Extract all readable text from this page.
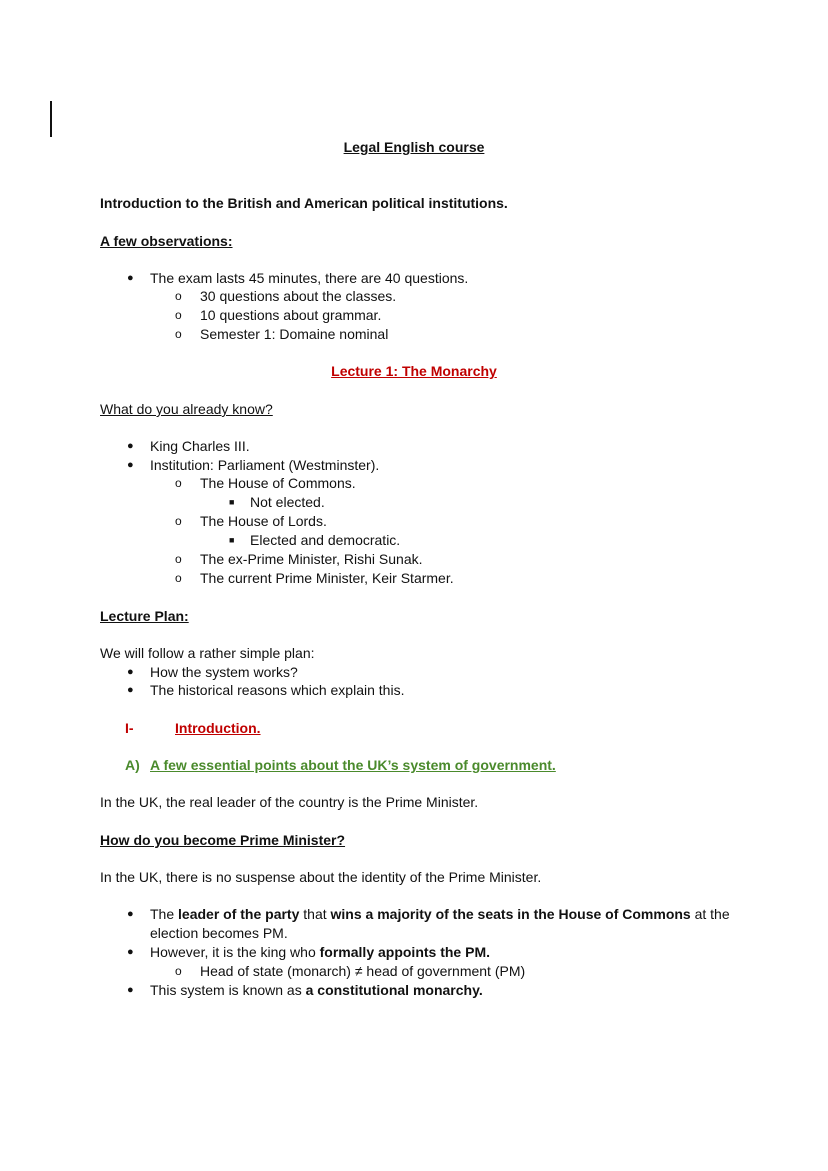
Legal English course
Introduction to the British and American political institutions.
A few observations:
● The exam lasts 45 minutes, there are 40 questions.
o 30 questions about the classes.
o 10 questions about grammar.
o Semester 1: Domaine nominal
Lecture 1: The Monarchy
What do you already know?
● King Charles III.
● Institution: Parliament (Westminster).
o The House of Commons.
■ Not elected.
o The House of Lords.
■ Elected and democratic.
o The ex-Prime Minister, Rishi Sunak.
o The current Prime Minister, Keir Starmer.
Lecture Plan:
We will follow a rather simple plan:
● How the system works?
● The historical reasons which explain this.
I-	Introduction.
A) A few essential points about the UK’s system of government.
In the UK, the real leader of the country is the Prime Minister.
How do you become Prime Minister?
In the UK, there is no suspense about the identity of the Prime Minister.
● The leader of the party that wins a majority of the seats in the House of Commons at the
election becomes PM.
● However, it is the king who formally appoints the PM.
o Head of state (monarch) ≠ head of government (PM)
● This system is known as a constitutional monarchy.
